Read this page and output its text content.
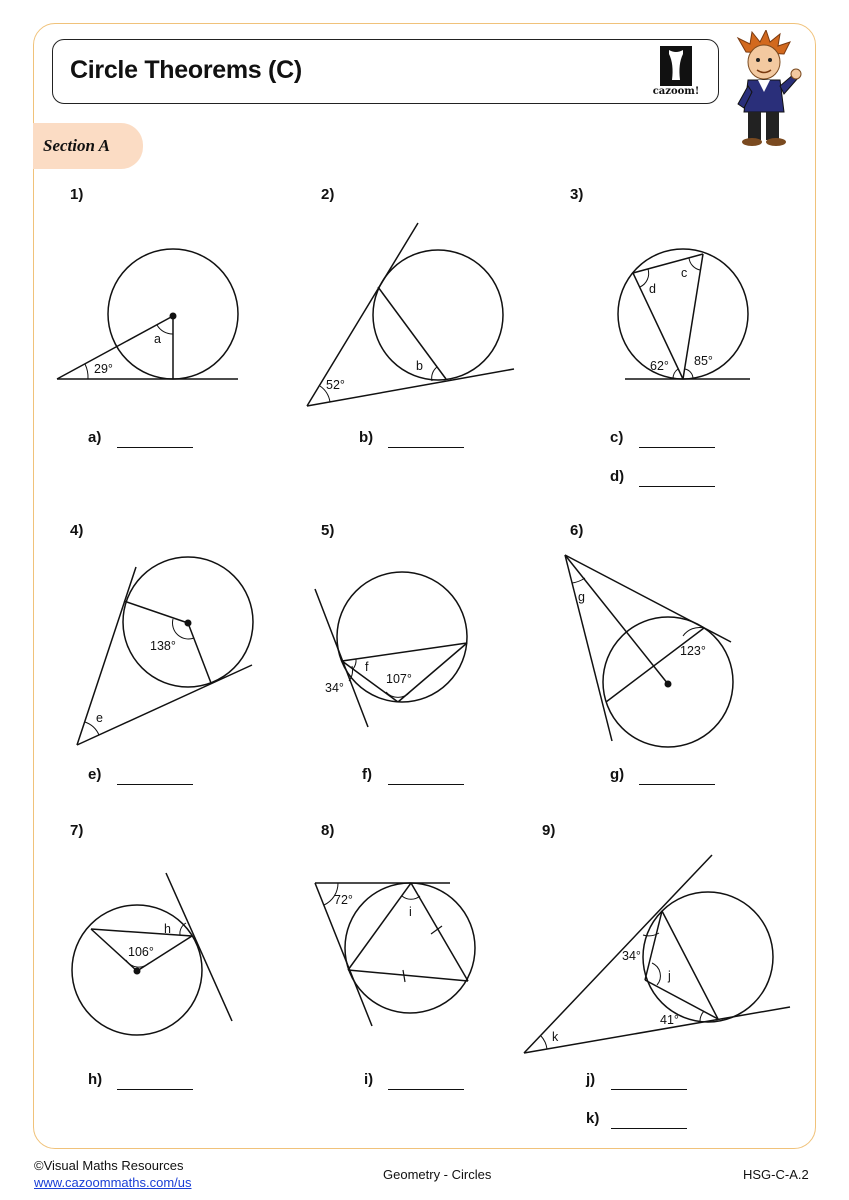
Circle Theorems (C)
cazoom!
Section A
1)	2)	3)
4)	5)	6)
7)	8)	9)
a)	b)	c)
d)
e)	f)	g)
h)	i)	j)
k)
29°
a
52°
b	62° 85°
c
d
138°
e
f
34°
107°
g
123°
106°
h
72°
i
34°
j
41°
k
©Visual Maths Resources
www.cazoommaths.com/us
Geometry - Circles	HSG-C-A.2
